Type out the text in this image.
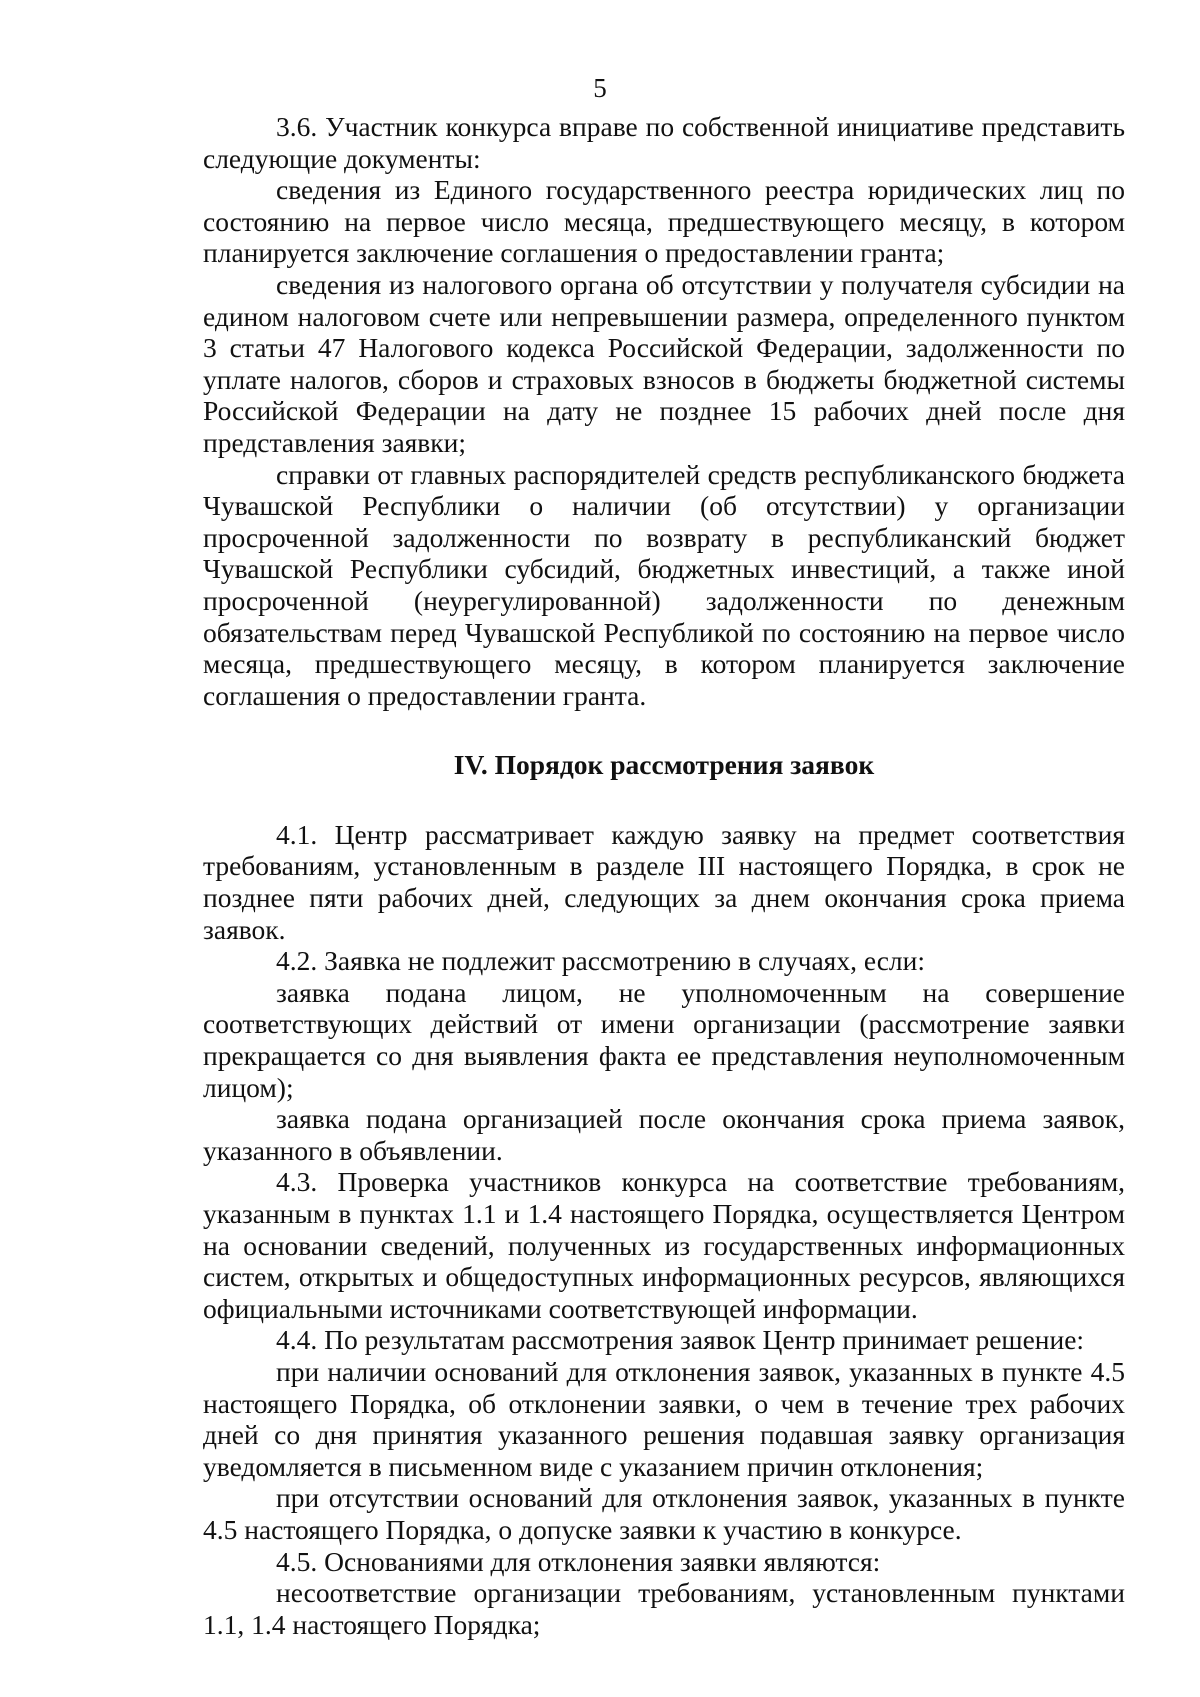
5

3.6. Участник конкурса вправе по собственной инициативе представить следующие документы:

сведения из Единого государственного реестра юридических лиц по состоянию на первое число месяца, предшествующего месяцу, в котором планируется заключение соглашения о предоставлении гранта;

сведения из налогового органа об отсутствии у получателя субсидии на едином налоговом счете или непревышении размера, определенного пунктом 3 статьи 47 Налогового кодекса Российской Федерации, задолженности по уплате налогов, сборов и страховых взносов в бюджеты бюджетной системы Российской Федерации на дату не позднее 15 рабочих дней после дня представления заявки;

справки от главных распорядителей средств республиканского бюджета Чувашской Республики о наличии (об отсутствии) у организации просроченной задолженности по возврату в республиканский бюджет Чувашской Республики субсидий, бюджетных инвестиций, а также иной просроченной (неурегулированной) задолженности по денежным обязательствам перед Чувашской Республикой по состоянию на первое число месяца, предшествующего месяцу, в котором планируется заключение соглашения о предоставлении гранта.

IV. Порядок рассмотрения заявок

4.1. Центр рассматривает каждую заявку на предмет соответствия требованиям, установленным в разделе III настоящего Порядка, в срок не позднее пяти рабочих дней, следующих за днем окончания срока приема заявок.

4.2. Заявка не подлежит рассмотрению в случаях, если:

заявка подана лицом, не уполномоченным на совершение соответствующих действий от имени организации (рассмотрение заявки прекращается со дня выявления факта ее представления неуполномоченным лицом);

заявка подана организацией после окончания срока приема заявок, указанного в объявлении.

4.3. Проверка участников конкурса на соответствие требованиям, указанным в пунктах 1.1 и 1.4 настоящего Порядка, осуществляется Центром на основании сведений, полученных из государственных информационных систем, открытых и общедоступных информационных ресурсов, являющихся официальными источниками соответствующей информации.

4.4. По результатам рассмотрения заявок Центр принимает решение:

при наличии оснований для отклонения заявок, указанных в пункте 4.5 настоящего Порядка, об отклонении заявки, о чем в течение трех рабочих дней со дня принятия указанного решения подавшая заявку организация уведомляется в письменном виде с указанием причин отклонения;

при отсутствии оснований для отклонения заявок, указанных в пункте 4.5 настоящего Порядка, о допуске заявки к участию в конкурсе.

4.5. Основаниями для отклонения заявки являются:

несоответствие организации требованиям, установленным пунктами 1.1, 1.4 настоящего Порядка;
